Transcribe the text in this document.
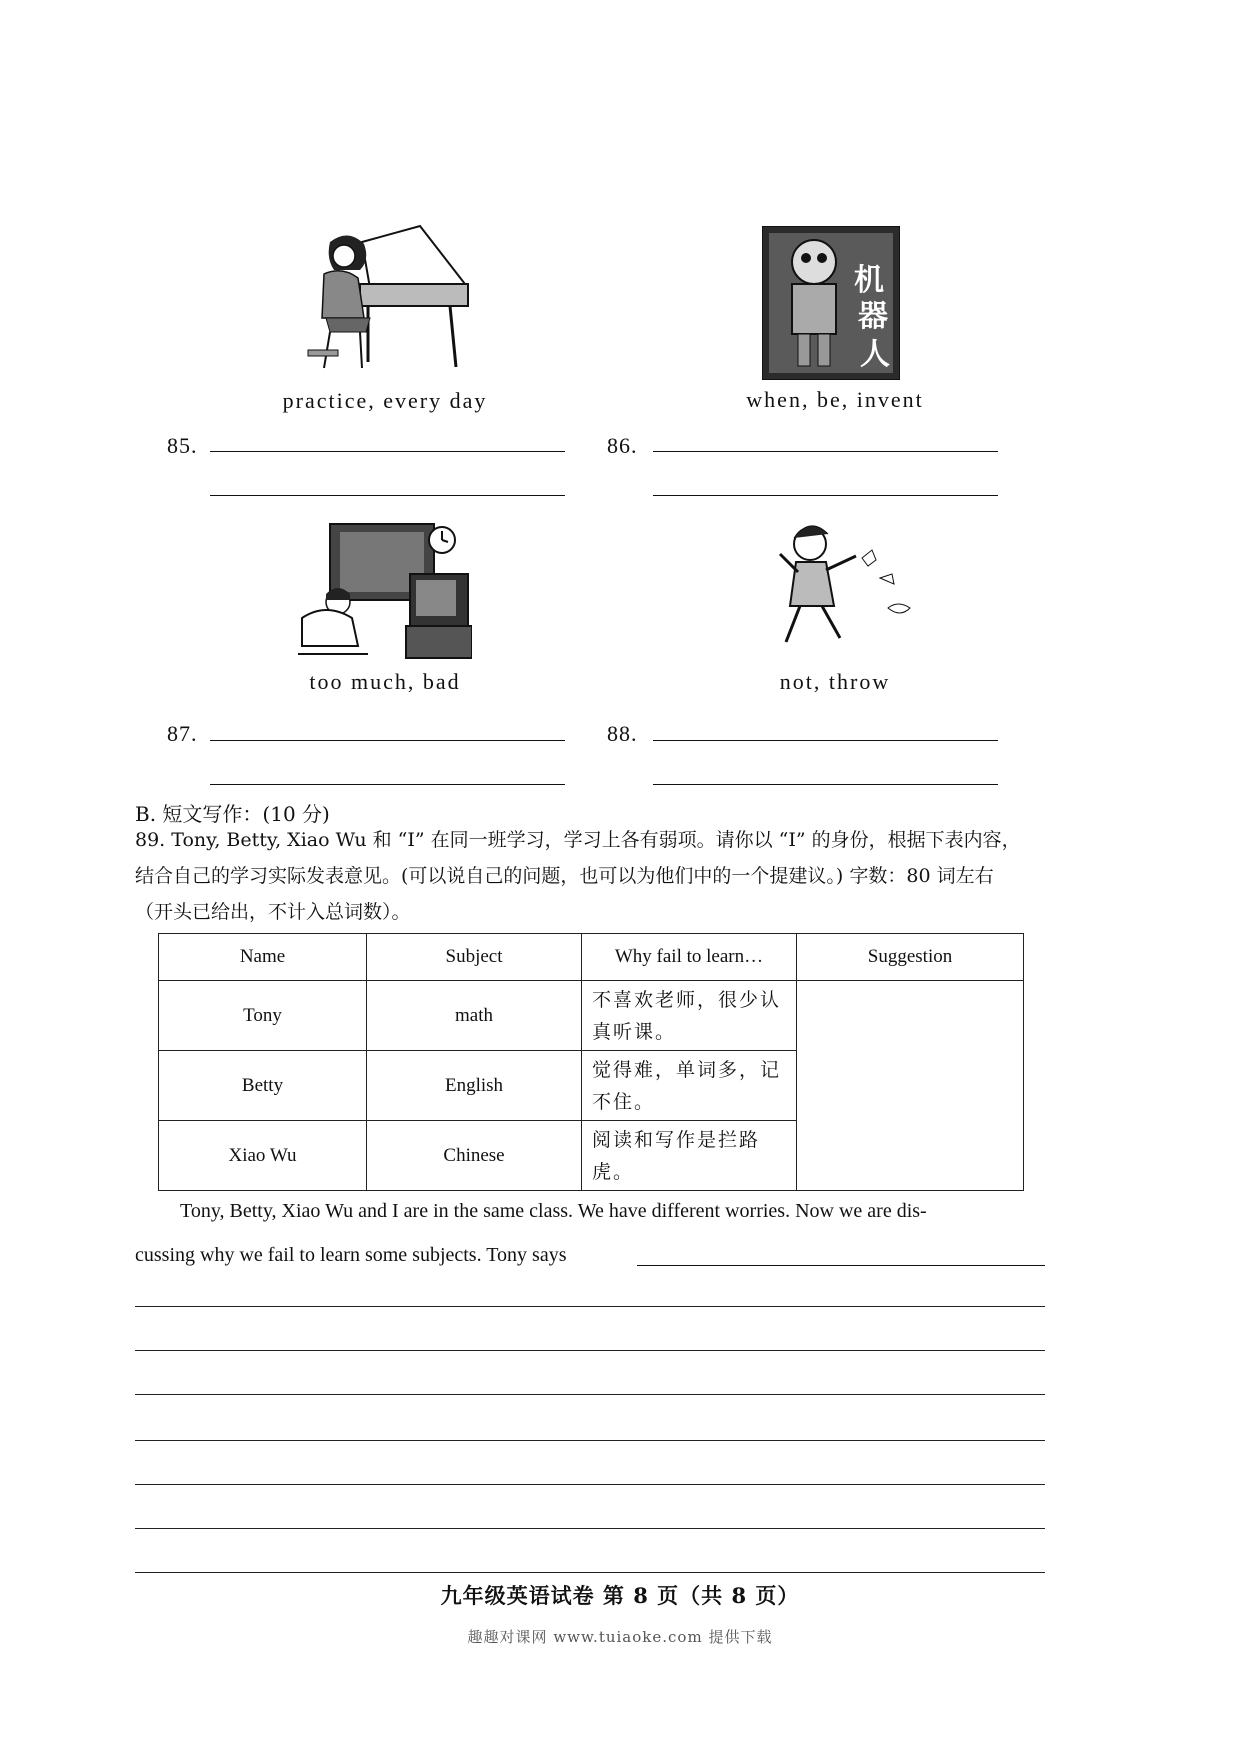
practice, every day
机
器
人
when, be, invent
85.	86.
too much, bad	not, throw
87.	88.
B. 短文写作：(10 分)
89. Tony, Betty, Xiao Wu 和 “I” 在同一班学习，学习上各有弱项。请你以 “I” 的身份，根据下表内容，结合自己的学习实际发表意见。(可以说自己的问题，也可以为他们中的一个提建议。) 字数：80 词左右（开头已给出，不计入总词数）。
Name	Subject	Why fail to learn…	Suggestion
Tony	math	不喜欢老师，很少认真听课。	
Betty	English	觉得难，单词多，记不住。	
Xiao Wu	Chinese	阅读和写作是拦路虎。	
Tony, Betty, Xiao Wu and I are in the same class. We have different worries. Now we are dis-
cussing why we fail to learn some subjects. Tony says
九年级英语试卷 第 8 页（共 8 页）
趣趣对课网 www.tuiaoke.com 提供下载
